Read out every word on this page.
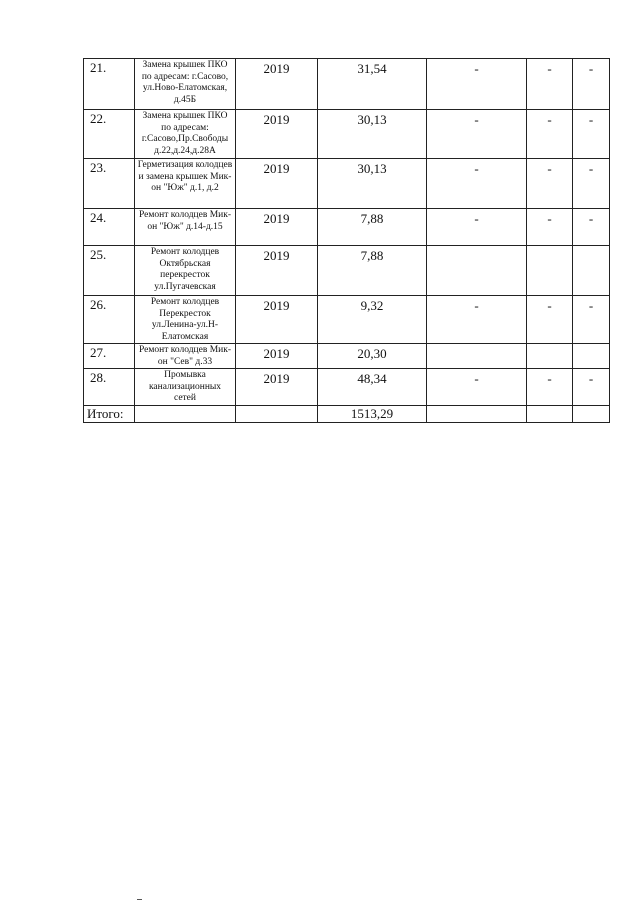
21.	Замена крышек ПКО по адресам: г.Сасово, ул.Ново-Елатомская, д.45Б	2019	31,54	-	-	-
22.	Замена крышек ПКО по адресам: г.Сасово,Пр.Свободы д.22,д.24,д.28А	2019	30,13	-	-	-
23.	Герметизация колодцев и замена крышек Мик-он "Юж" д.1, д.2	2019	30,13	-	-	-
24.	Ремонт колодцев Мик-он "Юж" д.14-д.15	2019	7,88	-	-	-
25.	Ремонт колодцев Октябрьская перекресток ул.Пугачевская	2019	7,88			
26.	Ремонт колодцев Перекресток ул.Ленина-ул.Н-Елатомская	2019	9,32	-	-	-
27.	Ремонт колодцев Мик-он "Сев" д.33	2019	20,30			
28.	Промывка канализационных сетей	2019	48,34	-	-	-
Итого:			1513,29			
